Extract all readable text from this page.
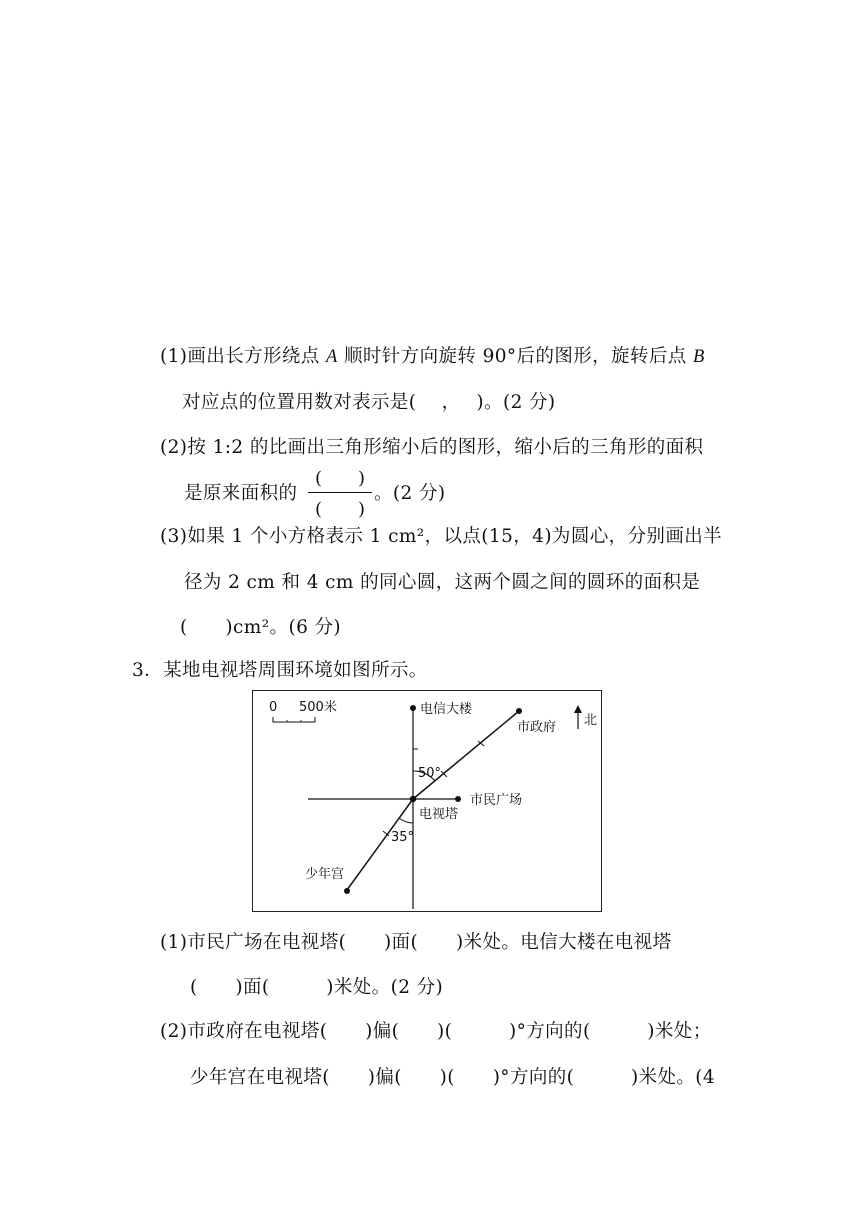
(1)画出长方形绕点 A 顺时针方向旋转 90°后的图形，旋转后点 B
对应点的位置用数对表示是(　 ，　 )。(2 分)
(2)按 1:2 的比画出三角形缩小后的图形，缩小后的三角形的面积
是原来面积的
(　　)
(　　)
。(2 分)
(3)如果 1 个小方格表示 1 cm²，以点(15，4)为圆心，分别画出半
径为 2 cm 和 4 cm 的同心圆，这两个圆之间的圆环的面积是
(　　)cm²。(6 分)
3．某地电视塔周围环境如图所示。
0 500米
北
50°
35°
电信大楼
市政府
市民广场
电视塔
少年宫
(1)市民广场在电视塔(　　)面(　　)米处。电信大楼在电视塔
(　　)面(　　　)米处。(2 分)
(2)市政府在电视塔(　　)偏(　　)(　　　)°方向的(　　　)米处；
少年宫在电视塔(　　)偏(　　)(　　)°方向的(　　　)米处。(4
